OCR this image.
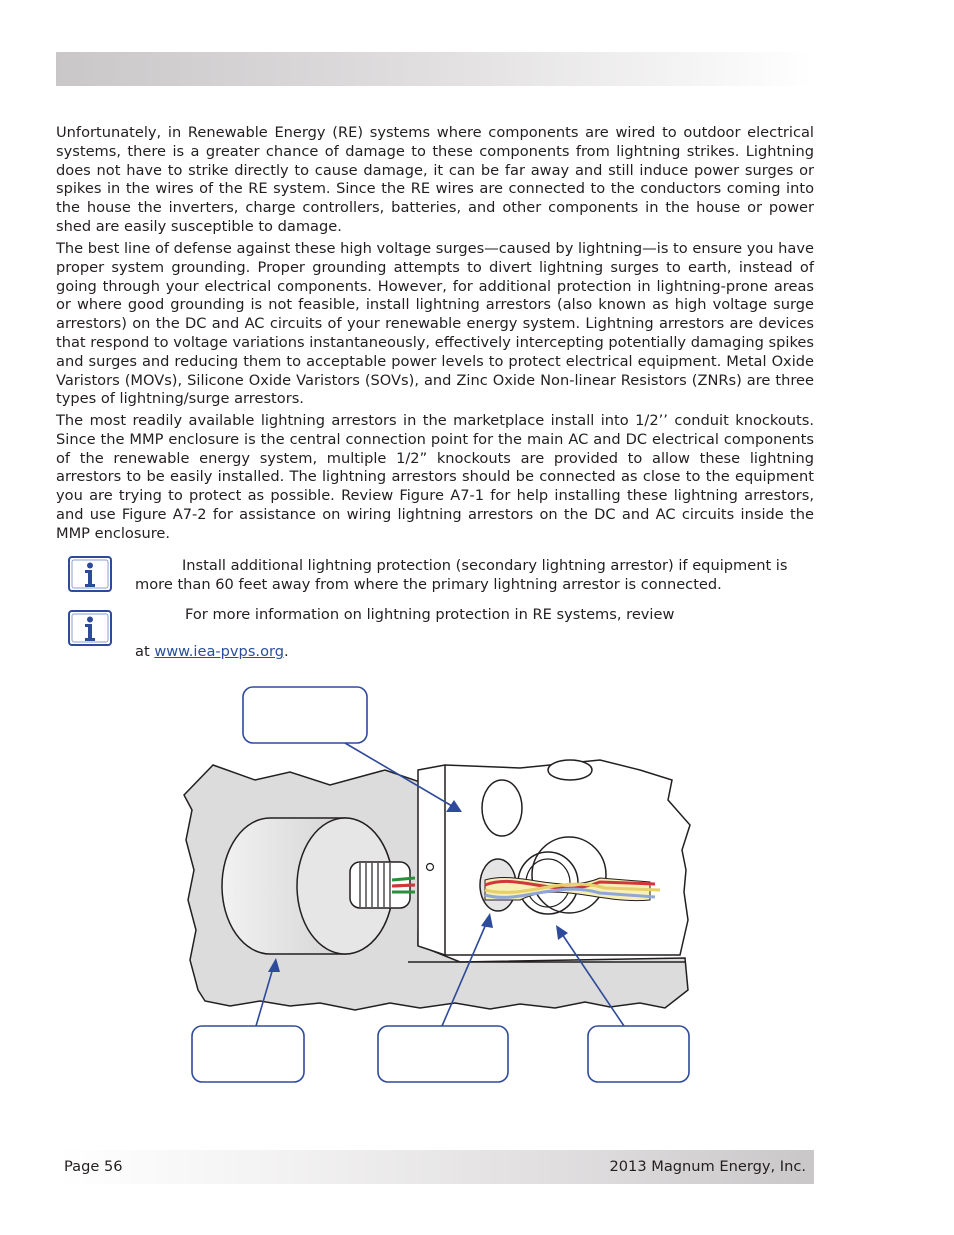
Unfortunately, in Renewable Energy (RE) systems where components are wired to outdoor electrical systems, there is a greater chance of damage to these components from lightning strikes. Lightning does not have to strike directly to cause damage, it can be far away and still induce power surges or spikes in the wires of the RE system. Since the RE wires are connected to the conductors coming into the house the inverters, charge controllers, batteries, and other components in the house or power shed are easily susceptible to damage.

The best line of defense against these high voltage surges—caused by lightning—is to ensure you have proper system grounding. Proper grounding attempts to divert lightning surges to earth, instead of going through your electrical components. However, for additional protection in lightning-prone areas or where good grounding is not feasible, install lightning arrestors (also known as high voltage surge arrestors) on the DC and AC circuits of your renewable energy system. Lightning arrestors are devices that respond to voltage variations instantaneously, effectively intercepting potentially damaging spikes and surges and reducing them to acceptable power levels to protect electrical equipment. Metal Oxide Varistors (MOVs), Silicone Oxide Varistors (SOVs), and Zinc Oxide Non-linear Resistors (ZNRs) are three types of lightning/surge arrestors.

The most readily available lightning arrestors in the marketplace install into 1/2’’ conduit knockouts. Since the MMP enclosure is the central connection point for the main AC and DC electrical components of the renewable energy system, multiple 1/2” knockouts are provided to allow these lightning arrestors to be easily installed. The lightning arrestors should be connected as close to the equipment you are trying to protect as possible. Review Figure A7-1 for help installing these lightning arrestors, and use Figure A7-2 for assistance on wiring lightning arrestors on the DC and AC circuits inside the MMP enclosure.

Install additional lightning protection (secondary lightning arrestor) if equipment is more than 60 feet away from where the primary lightning arrestor is connected.
For more information on lightning protection in RE systems, review
at www.iea-pvps.org.
Page 56	2013 Magnum Energy, Inc.
